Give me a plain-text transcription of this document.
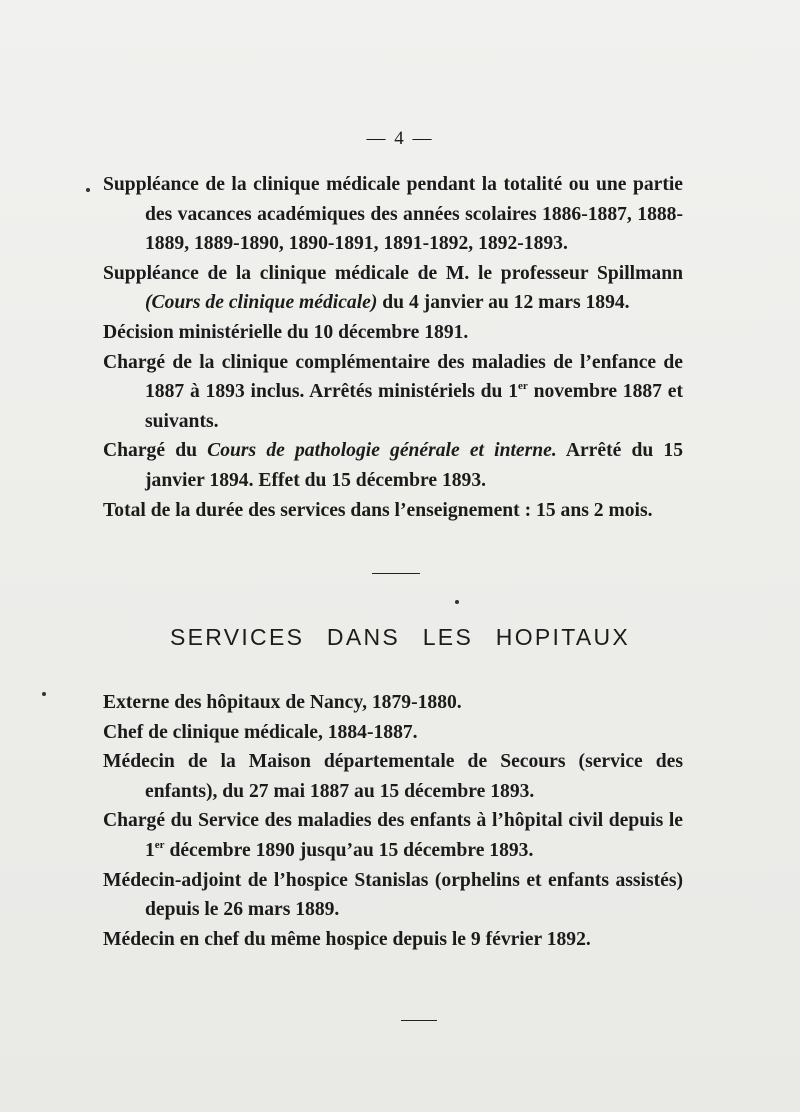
— 4 —

Suppléance de la clinique médicale pendant la totalité ou une partie des vacances académiques des années scolaires 1886-1887, 1888-1889, 1889-1890, 1890-1891, 1891-1892, 1892-1893.

Suppléance de la clinique médicale de M. le professeur Spillmann (Cours de clinique médicale) du 4 janvier au 12 mars 1894.

Décision ministérielle du 10 décembre 1891.

Chargé de la clinique complémentaire des maladies de l’enfance de 1887 à 1893 inclus. Arrêtés ministériels du 1er novembre 1887 et suivants.

Chargé du Cours de pathologie générale et interne. Arrêté du 15 janvier 1894. Effet du 15 décembre 1893.

Total de la durée des services dans l’enseignement : 15 ans 2 mois.

SERVICES DANS LES HOPITAUX

Externe des hôpitaux de Nancy, 1879-1880.

Chef de clinique médicale, 1884-1887.

Médecin de la Maison départementale de Secours (service des enfants), du 27 mai 1887 au 15 décembre 1893.

Chargé du Service des maladies des enfants à l’hôpital civil depuis le 1er décembre 1890 jusqu’au 15 décembre 1893.

Médecin-adjoint de l’hospice Stanislas (orphelins et enfants assistés) depuis le 26 mars 1889.

Médecin en chef du même hospice depuis le 9 février 1892.
